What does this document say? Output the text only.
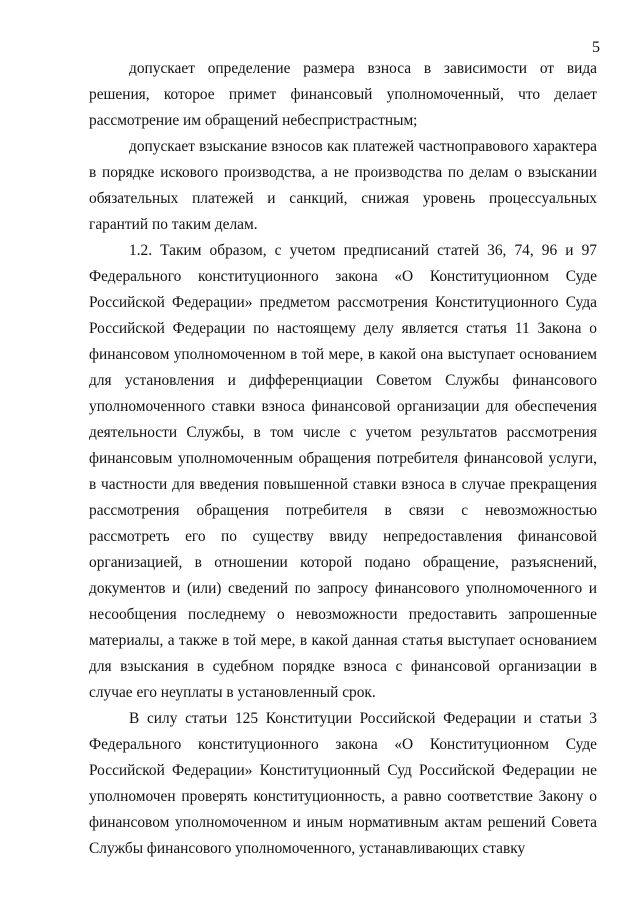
5

допускает определение размера взноса в зависимости от вида решения, которое примет финансовый уполномоченный, что делает рассмотрение им обращений небеспристрастным;

допускает взыскание взносов как платежей частноправового характера в порядке искового производства, а не производства по делам о взыскании обязательных платежей и санкций, снижая уровень процессуальных гарантий по таким делам.

1.2. Таким образом, с учетом предписаний статей 36, 74, 96 и 97 Федерального конституционного закона «О Конституционном Суде Российской Федерации» предметом рассмотрения Конституционного Суда Российской Федерации по настоящему делу является статья 11 Закона о финансовом уполномоченном в той мере, в какой она выступает основанием для установления и дифференциации Советом Службы финансового уполномоченного ставки взноса финансовой организации для обеспечения деятельности Службы, в том числе с учетом результатов рассмотрения финансовым уполномоченным обращения потребителя финансовой услуги, в частности для введения повышенной ставки взноса в случае прекращения рассмотрения обращения потребителя в связи с невозможностью рассмотреть его по существу ввиду непредоставления финансовой организацией, в отношении которой подано обращение, разъяснений, документов и (или) сведений по запросу финансового уполномоченного и несообщения последнему о невозможности предоставить запрошенные материалы, а также в той мере, в какой данная статья выступает основанием для взыскания в судебном порядке взноса с финансовой организации в случае его неуплаты в установленный срок.

В силу статьи 125 Конституции Российской Федерации и статьи 3 Федерального конституционного закона «О Конституционном Суде Российской Федерации» Конституционный Суд Российской Федерации не уполномочен проверять конституционность, а равно соответствие Закону о финансовом уполномоченном и иным нормативным актам решений Совета Службы финансового уполномоченного, устанавливающих ставку
